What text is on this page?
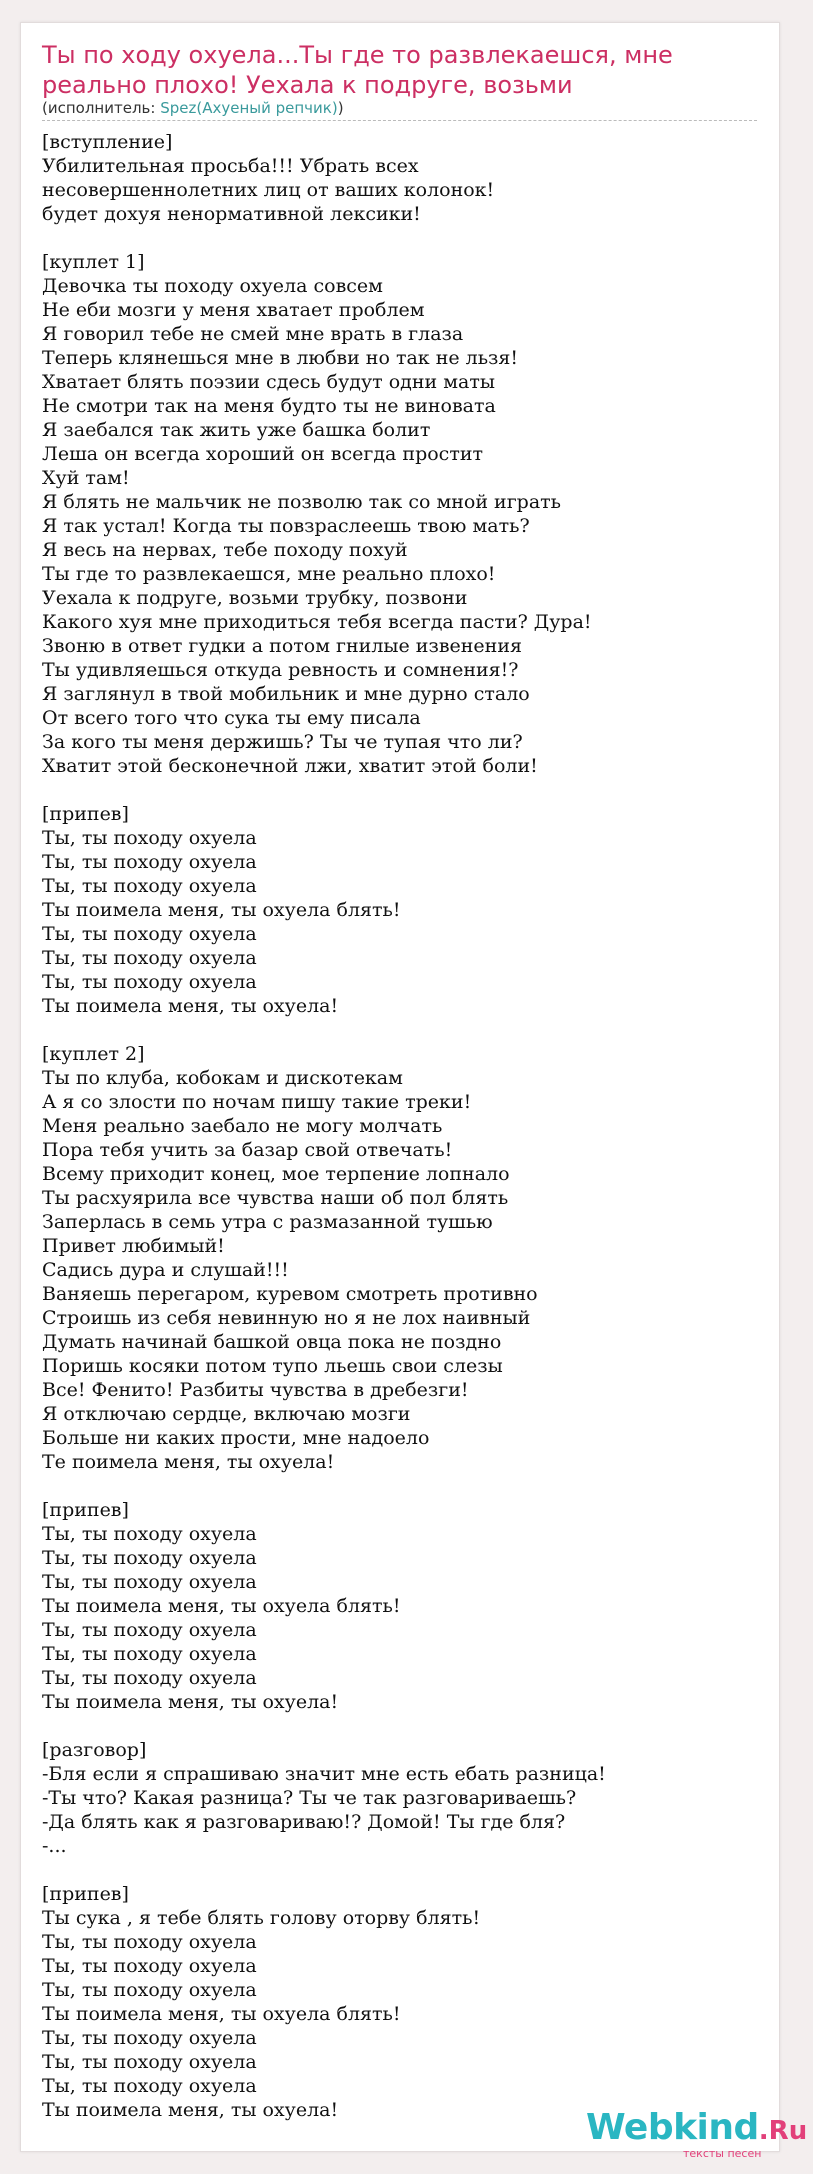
Ты по ходу охуела...Ты где то развлекаешся, мне реально плохо! Уехала к подруге, возьми
(исполнитель: Spez(Ахуеный репчик))
[вступление]
Убилительная просьба!!! Убрать всех
несовершеннолетних лиц от ваших колонок!
будет дохуя ненормативной лексики!
[куплет 1]
Девочка ты походу охуела совсем
Не еби мозги у меня хватает проблем
Я говорил тебе не смей мне врать в глаза
Теперь клянешься мне в любви но так не льзя!
Хватает блять поэзии сдесь будут одни маты
Не смотри так на меня будто ты не виновата
Я заебался так жить уже башка болит
Леша он всегда хороший он всегда простит
Хуй там!
Я блять не мальчик не позволю так со мной играть
Я так устал! Когда ты повзраслеешь твою мать?
Я весь на нервах, тебе походу похуй
Ты где то развлекаешся, мне реально плохо!
Уехала к подруге, возьми трубку, позвони
Какого хуя мне приходиться тебя всегда пасти? Дура!
Звоню в ответ гудки а потом гнилые извенения
Ты удивляешься откуда ревность и сомнения!?
Я заглянул в твой мобильник и мне дурно стало
От всего того что сука ты ему писала
За кого ты меня держишь? Ты че тупая что ли?
Хватит этой бесконечной лжи, хватит этой боли!
[припев]
Ты, ты походу охуела
Ты, ты походу охуела
Ты, ты походу охуела
Ты поимела меня, ты охуела блять!
Ты, ты походу охуела
Ты, ты походу охуела
Ты, ты походу охуела
Ты поимела меня, ты охуела!
[куплет 2]
Ты по клуба, кобокам и дискотекам
А я со злости по ночам пишу такие треки!
Меня реально заебало не могу молчать
Пора тебя учить за базар свой отвечать!
Всему приходит конец, мое терпение лопнало
Ты расхуярила все чувства наши об пол блять
Заперлась в семь утра с размазанной тушью
Привет любимый!
Садись дура и слушай!!!
Ваняешь перегаром, куревом смотреть противно
Строишь из себя невинную но я не лох наивный
Думать начинай башкой овца пока не поздно
Поришь косяки потом тупо льешь свои слезы
Все! Фенито! Разбиты чувства в дребезги!
Я отключаю сердце, включаю мозги
Больше ни каких прости, мне надоело
Те поимела меня, ты охуела!
[припев]
Ты, ты походу охуела
Ты, ты походу охуела
Ты, ты походу охуела
Ты поимела меня, ты охуела блять!
Ты, ты походу охуела
Ты, ты походу охуела
Ты, ты походу охуела
Ты поимела меня, ты охуела!
[разговор]
-Бля если я спрашиваю значит мне есть ебать разница!
-Ты что? Какая разница? Ты че так разговариваешь?
-Да блять как я разговариваю!? Домой! Ты где бля?
-...
[припев]
Ты сука , я тебе блять голову оторву блять!
Ты, ты походу охуела
Ты, ты походу охуела
Ты, ты походу охуела
Ты поимела меня, ты охуела блять!
Ты, ты походу охуела
Ты, ты походу охуела
Ты, ты походу охуела
Ты поимела меня, ты охуела!	Webkind.Ru
тексты песен
